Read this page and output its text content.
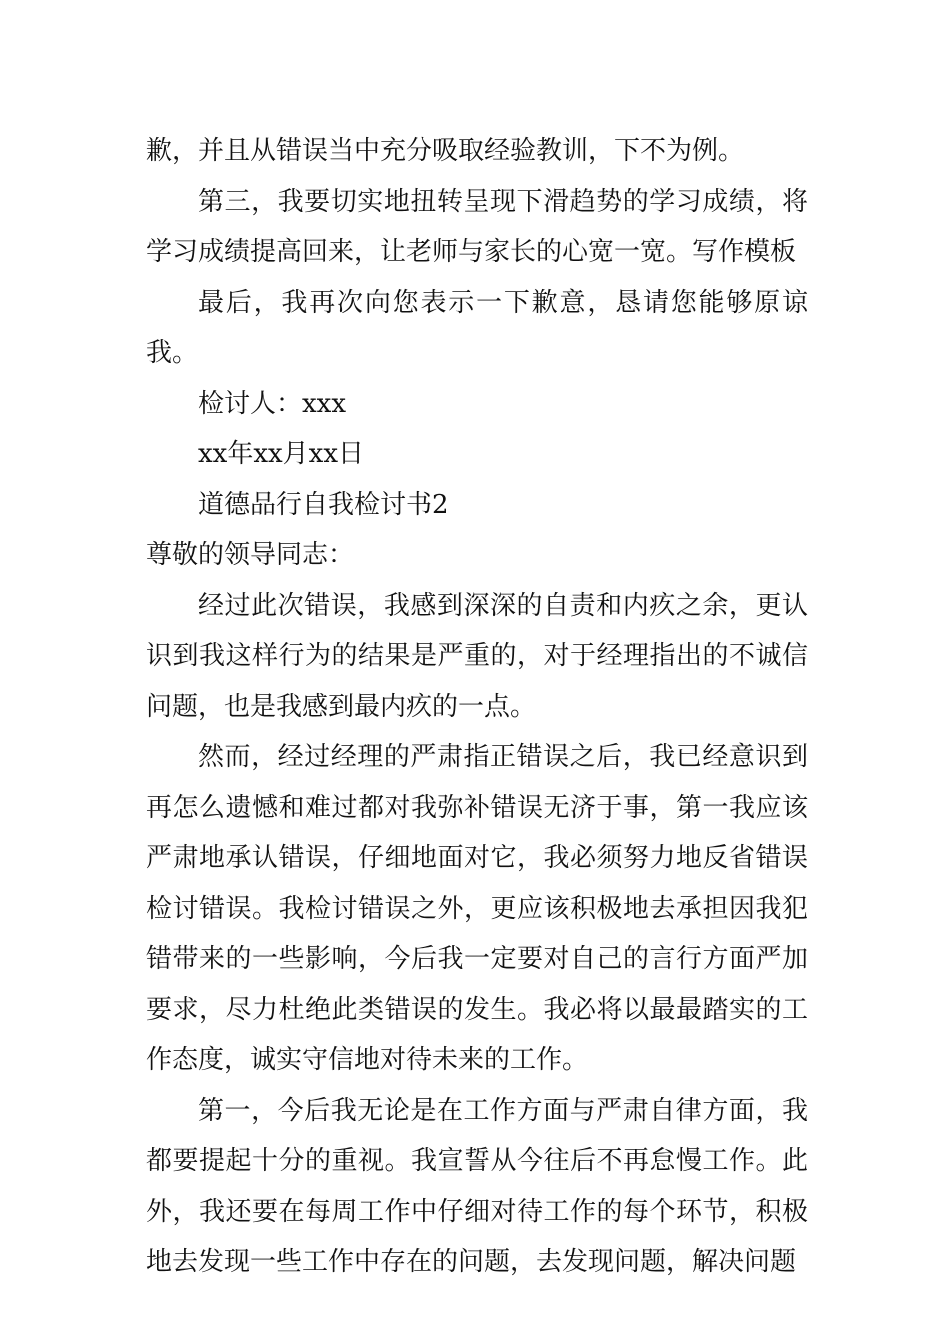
歉，并且从错误当中充分吸取经验教训，下不为例。

第三，我要切实地扭转呈现下滑趋势的学习成绩，将学习成绩提高回来，让老师与家长的心宽一宽。写作模板

最后，我再次向您表示一下歉意，恳请您能够原谅我。

检讨人：xxx

xx年xx月xx日

道德品行自我检讨书2

尊敬的领导同志：

经过此次错误，我感到深深的自责和内疚之余，更认识到我这样行为的结果是严重的，对于经理指出的不诚信问题，也是我感到最内疚的一点。

然而，经过经理的严肃指正错误之后，我已经意识到再怎么遗憾和难过都对我弥补错误无济于事，第一我应该严肃地承认错误，仔细地面对它，我必须努力地反省错误检讨错误。我检讨错误之外，更应该积极地去承担因我犯错带来的一些影响，今后我一定要对自己的言行方面严加要求，尽力杜绝此类错误的发生。我必将以最最踏实的工作态度，诚实守信地对待未来的工作。

第一，今后我无论是在工作方面与严肃自律方面，我都要提起十分的重视。我宣誓从今往后不再怠慢工作。此外，我还要在每周工作中仔细对待工作的每个环节，积极地去发现一些工作中存在的问题，去发现问题，解决问题
